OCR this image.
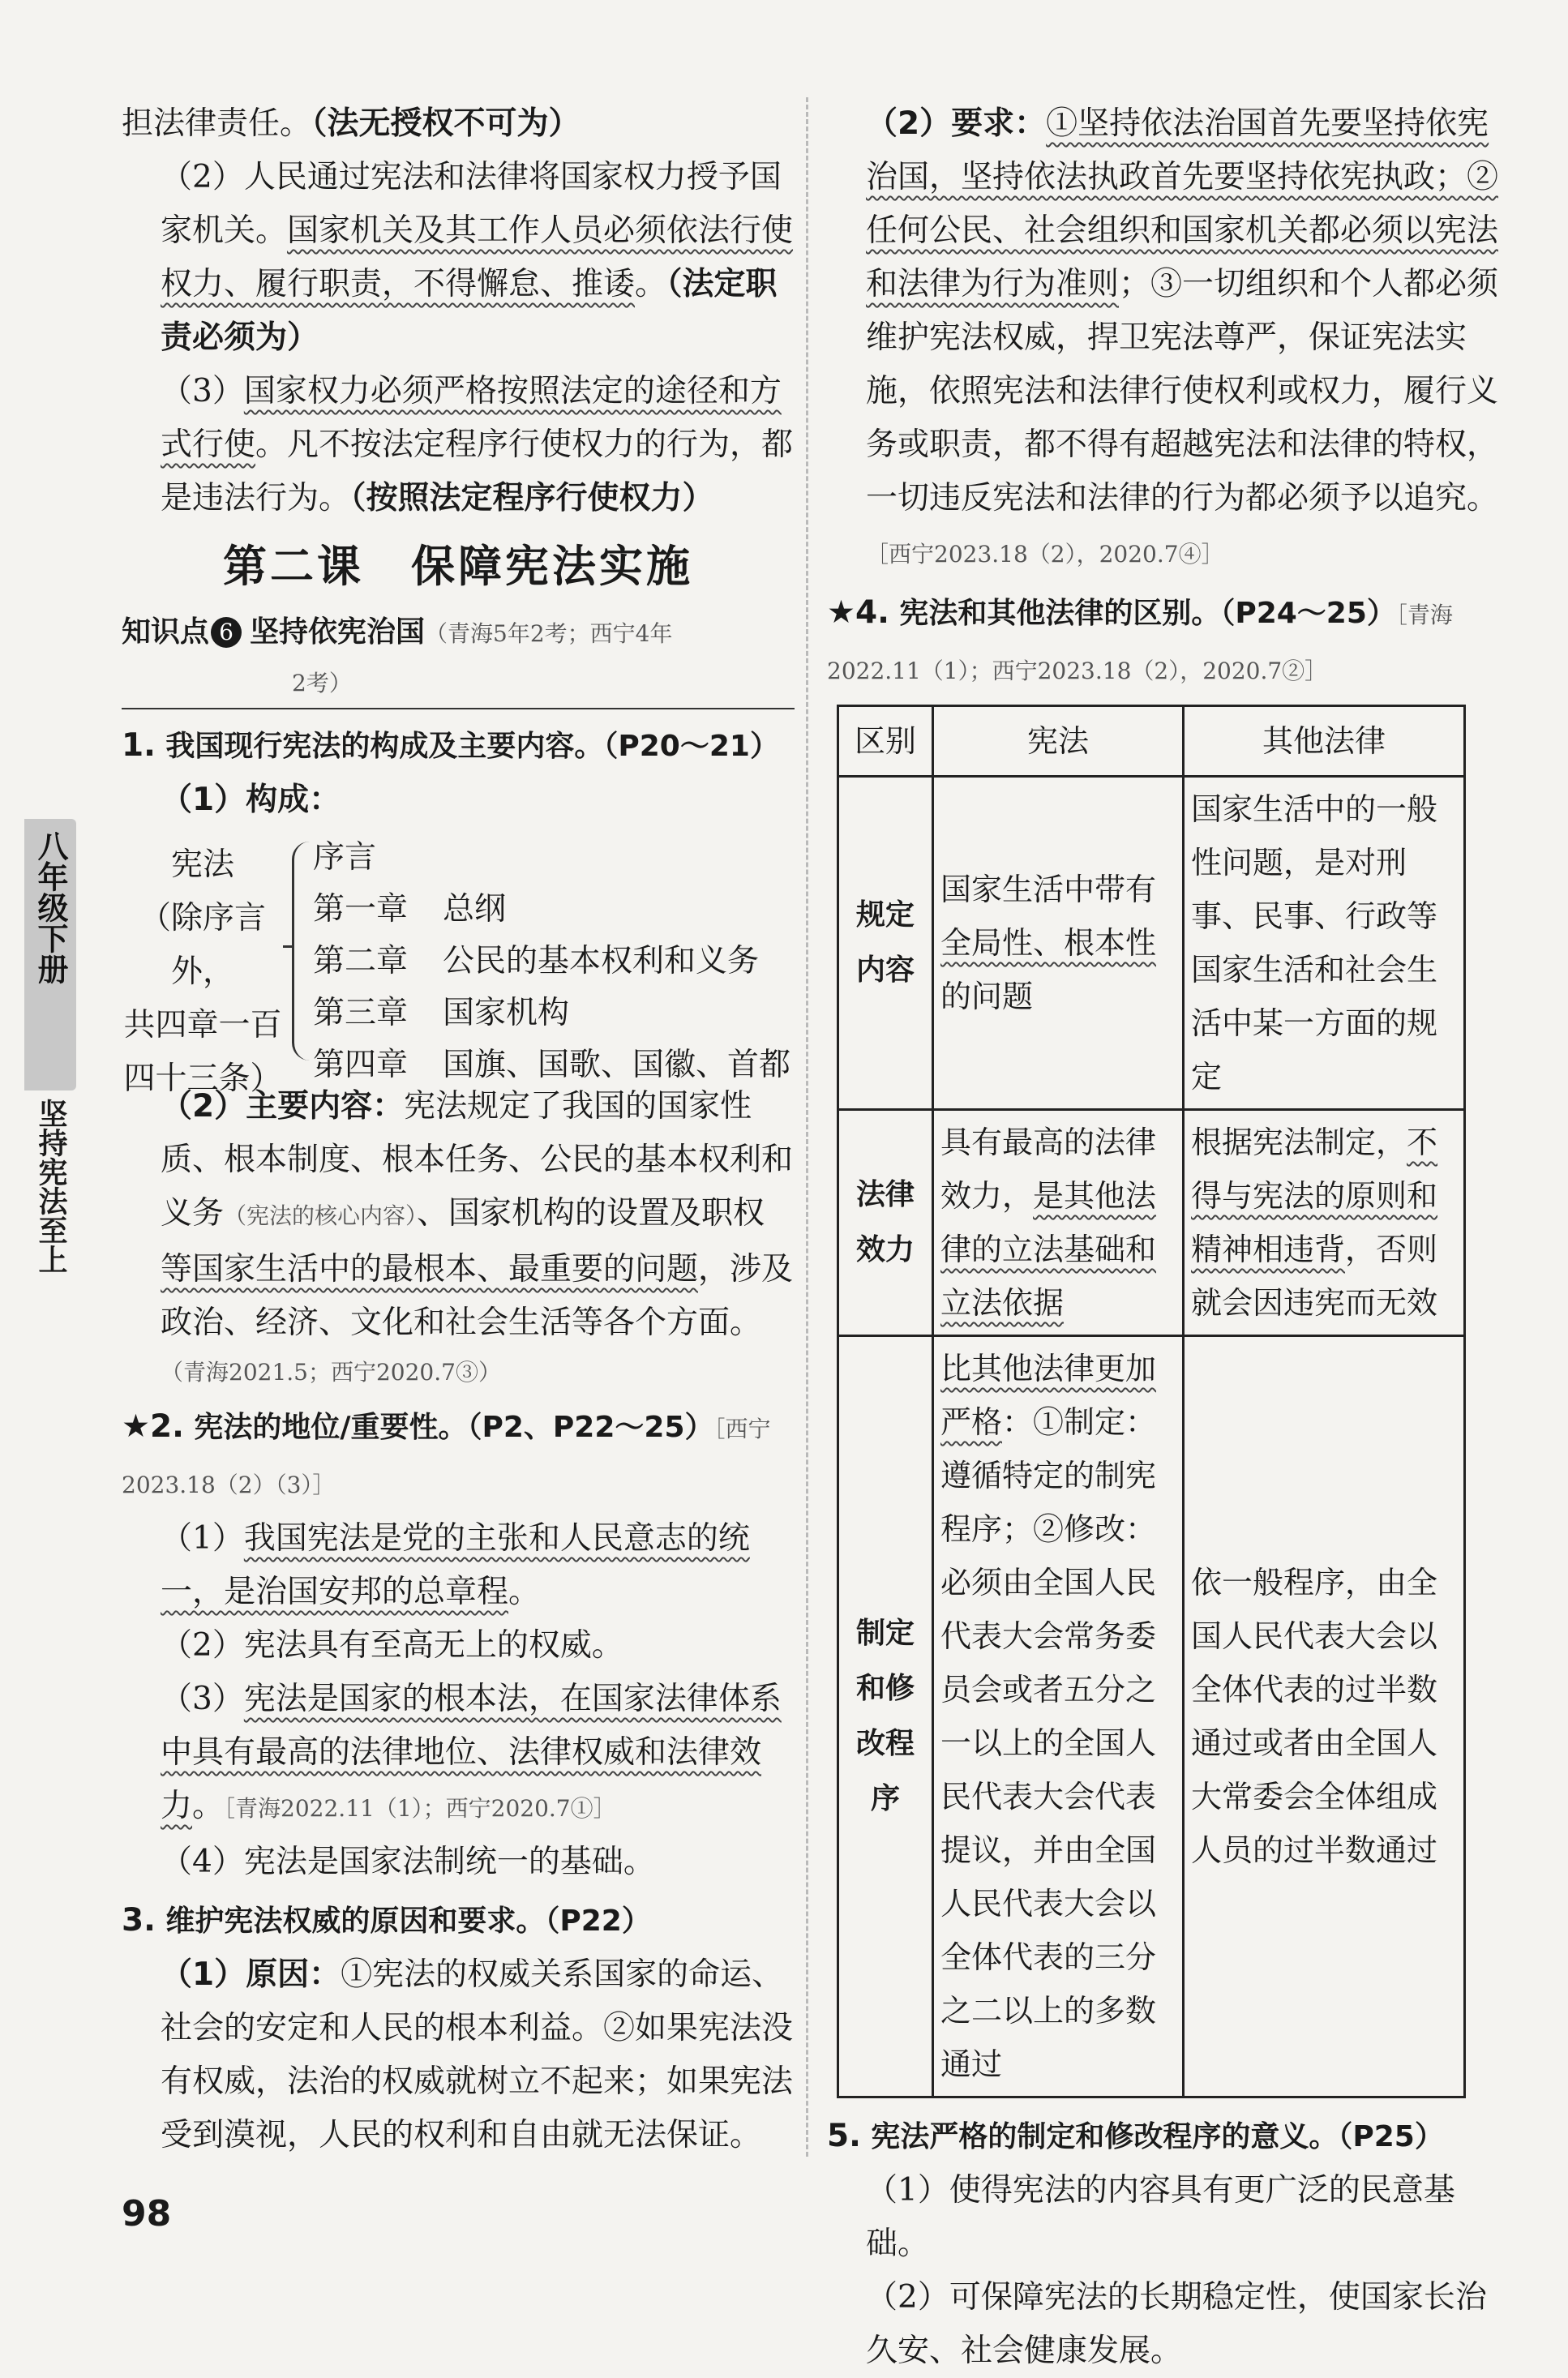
八年级下册
坚持宪法至上

担法律责任。（法无授权不可为）

（2）人民通过宪法和法律将国家权力授予国家机关。国家机关及其工作人员必须依法行使权力、履行职责，不得懈怠、推诿。（法定职责必须为）

（3）国家权力必须严格按照法定的途径和方式行使。凡不按法定程序行使权力的行为，都是违法行为。（按照法定程序行使权力）

第二课　保障宪法实施
知识点 6 坚持依宪治国（青海5年2考；西宁4年
2考）

1. 我国现行宪法的构成及主要内容。（P20～21）

（1）构成：

宪法
（除序言外，
共四章一百
四十三条）
序言
第一章 总纲
第二章 公民的基本权利和义务
第三章 国家机构
第四章 国旗、国歌、国徽、首都

（2）主要内容：宪法规定了我国的国家性质、根本制度、根本任务、公民的基本权利和义务（宪法的核心内容）、国家机构的设置及职权等国家生活中的最根本、最重要的问题，涉及政治、经济、文化和社会生活等各个方面。

（青海2021.5；西宁2020.7③）

★2. 宪法的地位/重要性。（P2、P22～25）［西宁2023.18（2）（3）］

（1）我国宪法是党的主张和人民意志的统一，是治国安邦的总章程。

（2）宪法具有至高无上的权威。

（3）宪法是国家的根本法，在国家法律体系中具有最高的法律地位、法律权威和法律效力。［青海2022.11（1）；西宁2020.7①］

（4）宪法是国家法制统一的基础。

3. 维护宪法权威的原因和要求。（P22）

（1）原因：①宪法的权威关系国家的命运、社会的安定和人民的根本利益。②如果宪法没有权威，法治的权威就树立不起来；如果宪法受到漠视，人民的权利和自由就无法保证。

（2）要求：①坚持依法治国首先要坚持依宪治国，坚持依法执政首先要坚持依宪执政；②任何公民、社会组织和国家机关都必须以宪法和法律为行为准则；③一切组织和个人都必须维护宪法权威，捍卫宪法尊严，保证宪法实施，依照宪法和法律行使权利或权力，履行义务或职责，都不得有超越宪法和法律的特权，一切违反宪法和法律的行为都必须予以追究。［西宁2023.18（2），2020.7④］

★4. 宪法和其他法律的区别。（P24～25）［青海2022.11（1）；西宁2023.18（2），2020.7②］

区别	宪法	其他法律
规定内容	国家生活中带有全局性、根本性的问题	国家生活中的一般性问题，是对刑事、民事、行政等国家生活和社会生活中某一方面的规定
法律效力	具有最高的法律效力，是其他法律的立法基础和立法依据	根据宪法制定，不得与宪法的原则和精神相违背，否则就会因违宪而无效
制定和修改程序	比其他法律更加严格：①制定：遵循特定的制宪程序；②修改：必须由全国人民代表大会常务委员会或者五分之一以上的全国人民代表大会代表提议，并由全国人民代表大会以全体代表的三分之二以上的多数通过	依一般程序，由全国人民代表大会以全体代表的过半数通过或者由全国人大常委会全体组成人员的过半数通过

5. 宪法严格的制定和修改程序的意义。（P25）

（1）使得宪法的内容具有更广泛的民意基础。

（2）可保障宪法的长期稳定性，使国家长治久安、社会健康发展。

98
